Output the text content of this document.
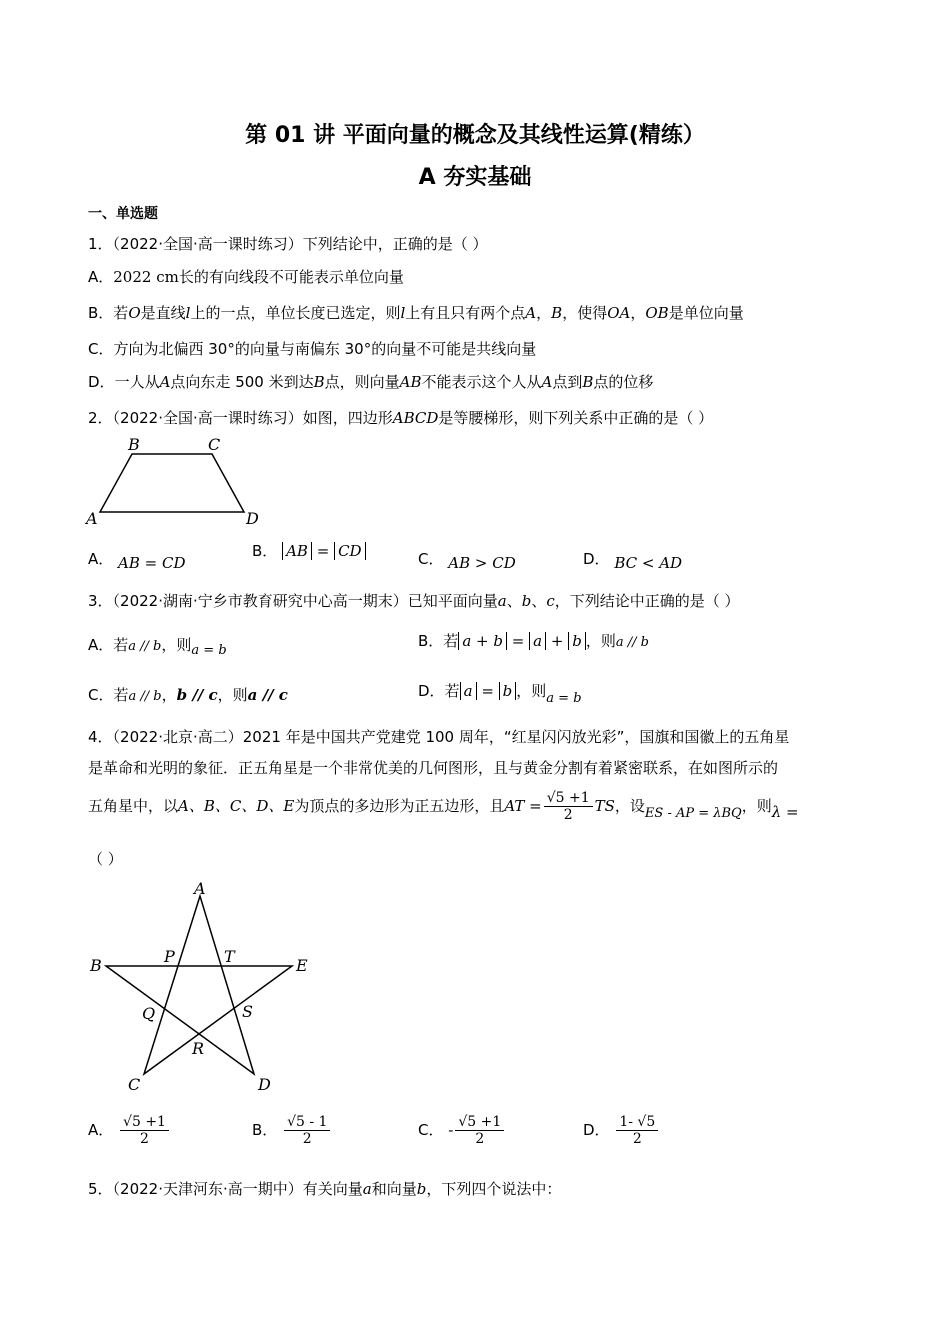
第 01 讲 平面向量的概念及其线性运算(精练）
A 夯实基础
一、单选题
1．（2022·全国·高一课时练习）下列结论中，正确的是（ ）
A．2022 cm长的有向线段不可能表示单位向量
B．若O是直线l上的一点，单位长度已选定，则l上有且只有两个点A，B，使得OA，OB是单位向量
C．方向为北偏西 30°的向量与南偏东 30°的向量不可能是共线向量
D．一人从A点向东走 500 米到达B点，则向量AB不能表示这个人从A点到B点的位移
2．（2022·全国·高一课时练习）如图，四边形ABCD是等腰梯形，则下列关系中正确的是（ ）
B	C
A	D
A． AB = CD
B． AB = CD	C． AB > CD	D． BC < AD
3．（2022·湖南·宁乡市教育研究中心高一期末）已知平面向量a、b、c，下列结论中正确的是（ ）
A．若a // b，则a = b
B．若 a + b = a + b ，则a // b
C．若a // b，b // c，则a // c	D．若 a = b ，则a = b
4．（2022·北京·高二）2021 年是中国共产党建党 100 周年，“红星闪闪放光彩”，国旗和国徽上的五角星
是革命和光明的象征．正五角星是一个非常优美的几何图形，且与黄金分割有着紧密联系，在如图所示的
五角星中，以A、B、C、D、E为顶点的多边形为正五边形，且AT = $\frac{√5 +1}{2}$ TS，设ES - AP = λBQ，则λ =
（ ）
A
B	E
P	T
Q	S
R
C	D
A． $\frac{√5 +1}{2}$	B． $\frac{√5 - 1}{2}$	C． - $\frac{√5 +1}{2}$	D． $\frac{1- √5}{2}$
5．（2022·天津河东·高一期中）有关向量a和向量b，下列四个说法中：
